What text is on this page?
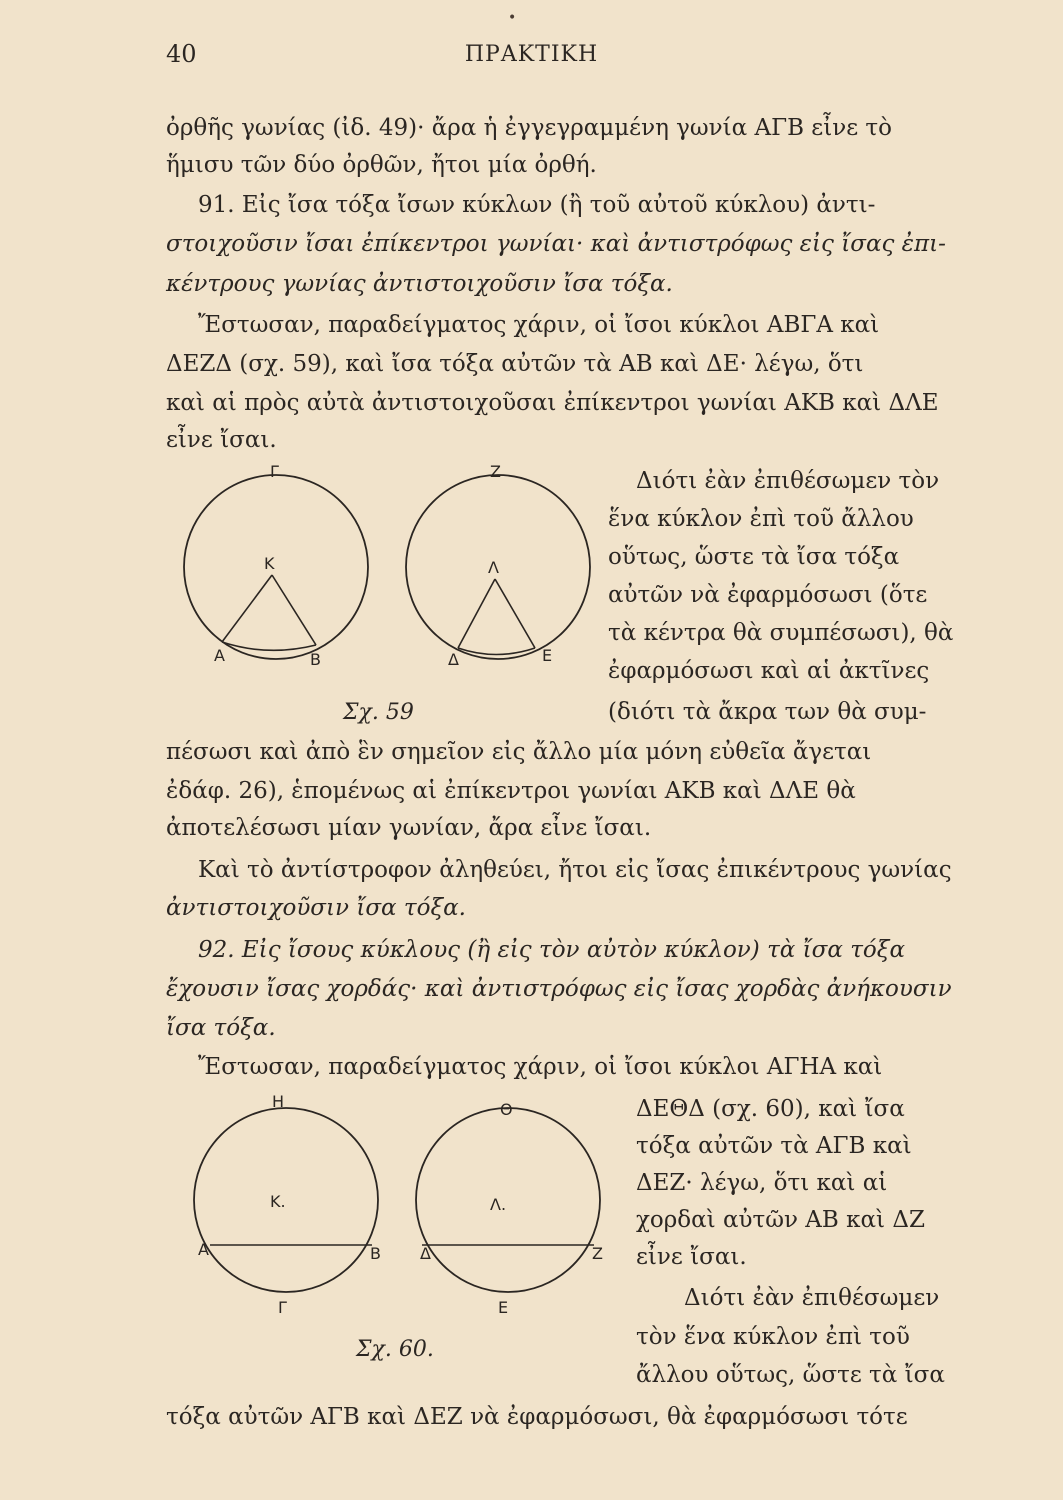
•
40	ΠΡΑΚΤΙΚΗ
ὀρθῆς γωνίας (ἰδ. 49)· ἄρα ἡ ἐγγεγραμμένη γωνία ΑΓΒ εἶνε τὸ
ἥμισυ τῶν δύο ὀρθῶν, ἤτοι μία ὀρθή.
91. Εἰς ἴσα τόξα ἴσων κύκλων (ἢ τοῦ αὐτοῦ κύκλου) ἀντι-
στοιχοῦσιν ἴσαι ἐπίκεντροι γωνίαι· καὶ ἀντιστρόφως εἰς ἴσας ἐπι-
κέντρους γωνίας ἀντιστοιχοῦσιν ἴσα τόξα.
Ἔστωσαν, παραδείγματος χάριν, οἱ ἴσοι κύκλοι ΑΒΓΑ καὶ
ΔΕΖΔ (σχ. 59), καὶ ἴσα τόξα αὐτῶν τὰ ΑΒ καὶ ΔΕ· λέγω, ὅτι
καὶ αἱ πρὸς αὐτὰ ἀντιστοιχοῦσαι ἐπίκεντροι γωνίαι ΑΚΒ καὶ ΔΛΕ
εἶνε ἴσαι.
Γ
Κ
Α	Β
Ζ
Λ
Δ	Ε
Σχ. 59
Διότι ἐὰν ἐπιθέσωμεν τὸν
ἕνα κύκλον ἐπὶ τοῦ ἄλλου
οὕτως, ὥστε τὰ ἴσα τόξα
αὐτῶν νὰ ἐφαρμόσωσι (ὅτε
τὰ κέντρα θὰ συμπέσωσι), θὰ
ἐφαρμόσωσι καὶ αἱ ἀκτῖνες
(διότι τὰ ἄκρα των θὰ συμ-
πέσωσι καὶ ἀπὸ ἓν σημεῖον εἰς ἄλλο μία μόνη εὐθεῖα ἄγεται
ἐδάφ. 26), ἑπομένως αἱ ἐπίκεντροι γωνίαι ΑΚΒ καὶ ΔΛΕ θὰ
ἀποτελέσωσι μίαν γωνίαν, ἄρα εἶνε ἴσαι.
Καὶ τὸ ἀντίστροφον ἀληθεύει, ἤτοι εἰς ἴσας ἐπικέντρους γωνίας
ἀντιστοιχοῦσιν ἴσα τόξα.
92. Εἰς ἴσους κύκλους (ἢ εἰς τὸν αὐτὸν κύκλον) τὰ ἴσα τόξα
ἔχουσιν ἴσας χορδάς· καὶ ἀντιστρόφως εἰς ἴσας χορδὰς ἀνήκουσιν
ἴσα τόξα.
Ἔστωσαν, παραδείγματος χάριν, οἱ ἴσοι κύκλοι ΑΓΗΑ καὶ
Η
Κ.
Α	Β
Γ
Θ
Λ.
Δ	Ζ
Ε
Σχ. 60.
ΔΕΘΔ (σχ. 60), καὶ ἴσα
τόξα αὐτῶν τὰ ΑΓΒ καὶ
ΔΕΖ· λέγω, ὅτι καὶ αἱ
χορδαὶ αὐτῶν ΑΒ καὶ ΔΖ
εἶνε ἴσαι.
Διότι ἐὰν ἐπιθέσωμεν
τὸν ἕνα κύκλον ἐπὶ τοῦ
ἄλλου οὕτως, ὥστε τὰ ἴσα
τόξα αὐτῶν ΑΓΒ καὶ ΔΕΖ νὰ ἐφαρμόσωσι, θὰ ἐφαρμόσωσι τότε
